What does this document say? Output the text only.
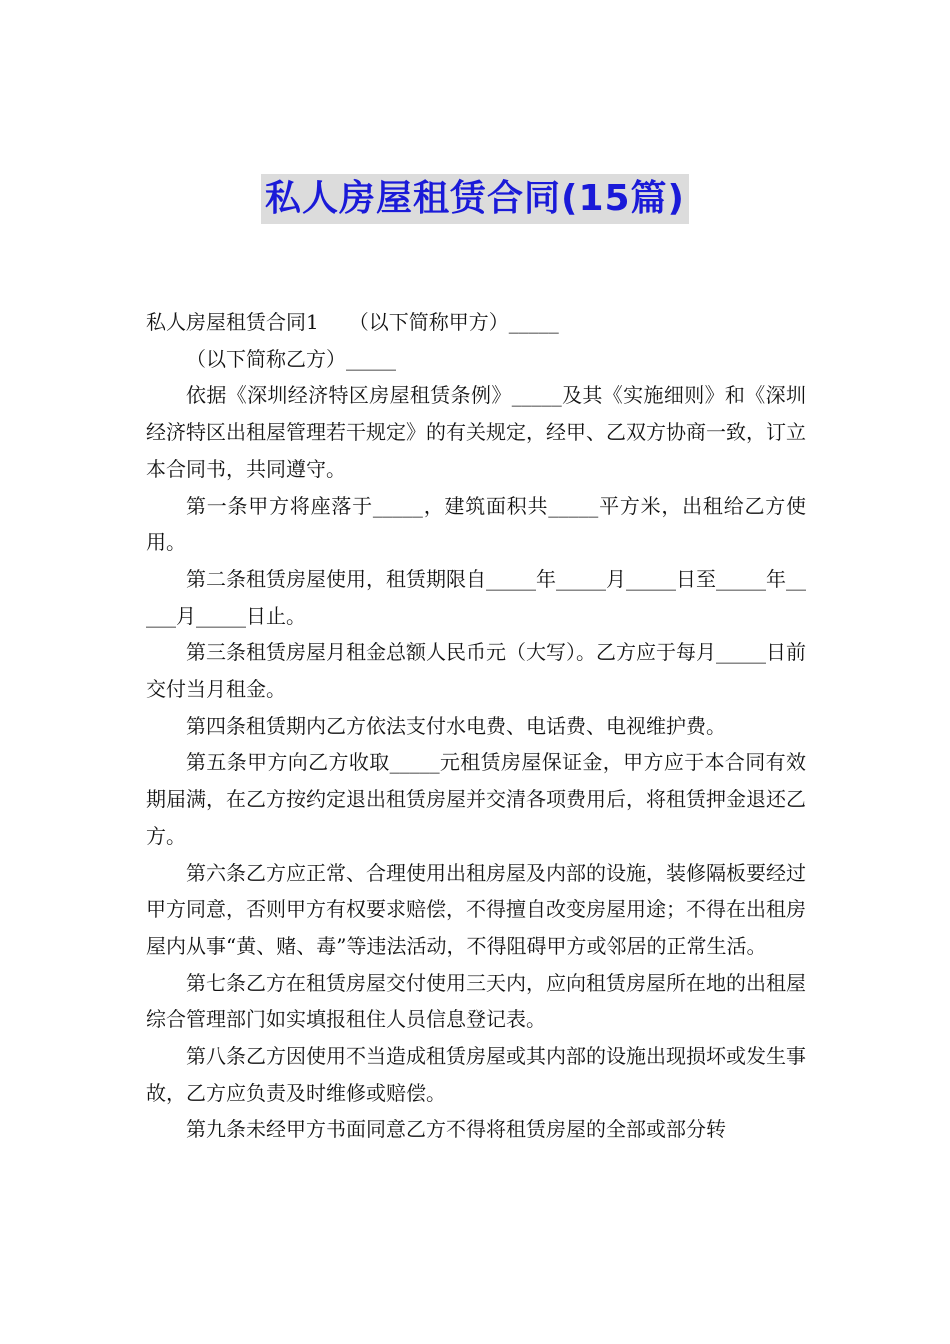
私人房屋租赁合同(15篇)

私人房屋租赁合同1　　（以下简称甲方）_____

（以下简称乙方）_____

依据《深圳经济特区房屋租赁条例》_____及其《实施细则》和《深圳经济特区出租屋管理若干规定》的有关规定，经甲、乙双方协商一致，订立本合同书，共同遵守。

第一条甲方将座落于_____，建筑面积共_____平方米，出租给乙方使用。

第二条租赁房屋使用，租赁期限自_____年_____月_____日至_____年_____月_____日止。

第三条租赁房屋月租金总额人民币元（大写）。乙方应于每月_____日前交付当月租金。

第四条租赁期内乙方依法支付水电费、电话费、电视维护费。

第五条甲方向乙方收取_____元租赁房屋保证金，甲方应于本合同有效期届满，在乙方按约定退出租赁房屋并交清各项费用后，将租赁押金退还乙方。

第六条乙方应正常、合理使用出租房屋及内部的设施，装修隔板要经过甲方同意，否则甲方有权要求赔偿，不得擅自改变房屋用途；不得在出租房屋内从事“黄、赌、毒”等违法活动，不得阻碍甲方或邻居的正常生活。

第七条乙方在租赁房屋交付使用三天内，应向租赁房屋所在地的出租屋综合管理部门如实填报租住人员信息登记表。

第八条乙方因使用不当造成租赁房屋或其内部的设施出现损坏或发生事故，乙方应负责及时维修或赔偿。

第九条未经甲方书面同意乙方不得将租赁房屋的全部或部分转
